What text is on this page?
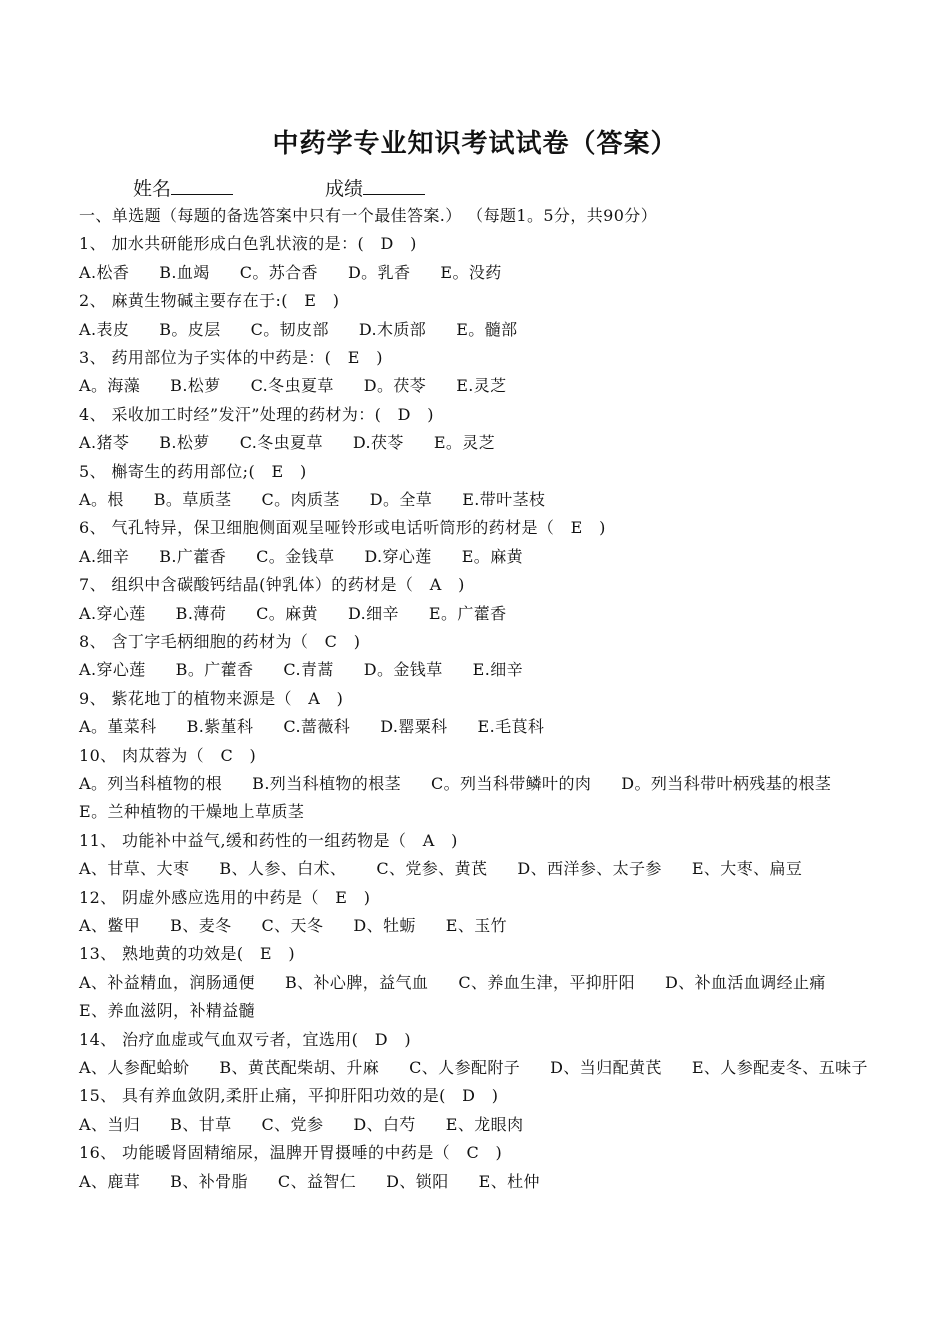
中药学专业知识考试试卷（答案）
姓名	成绩
一、单选题（每题的备选答案中只有一个最佳答案.） （每题1。5分，共90分）
1、 加水共研能形成白色乳状液的是：(　D　)
A.松香 B.血竭 C。苏合香 D。乳香 E。没药
2、 麻黄生物碱主要存在于:(　E　)
A.表皮 B。皮层 C。韧皮部 D.木质部 E。髓部
3、 药用部位为子实体的中药是：(　E　)
A。海藻 B.松萝 C.冬虫夏草 D。茯苓 E.灵芝
4、 采收加工时经”发汗”处理的药材为：(　D　)
A.猪苓 B.松萝 C.冬虫夏草 D.茯苓 E。灵芝
5、 槲寄生的药用部位;(　E　)
A。根 B。草质茎 C。肉质茎 D。全草 E.带叶茎枝
6、 气孔特异，保卫细胞侧面观呈哑铃形或电话听筒形的药材是（　E　)
A.细辛 B.广藿香 C。金钱草 D.穿心莲 E。麻黄
7、 组织中含碳酸钙结晶(钟乳体）的药材是（　A　)
A.穿心莲 B.薄荷 C。麻黄 D.细辛 E。广藿香
8、 含丁字毛柄细胞的药材为（　C　)
A.穿心莲 B。广藿香 C.青蒿 D。金钱草 E.细辛
9、 紫花地丁的植物来源是（　A　)
A。堇菜科 B.紫堇科 C.蔷薇科 D.罂粟科 E.毛茛科
10、 肉苁蓉为（　C　)
A。列当科植物的根 B.列当科植物的根茎 C。列当科带鳞叶的肉 D。列当科带叶柄残基的根茎E。兰种植物的干燥地上草质茎
11、 功能补中益气,缓和药性的一组药物是（　A　)
A、甘草、大枣 B、人参、白术、 C、党参、黄芪 D、西洋参、太子参 E、大枣、扁豆
12、 阴虚外感应选用的中药是（　E　)
A、鳖甲 B、麦冬 C、天冬 D、牡蛎 E、玉竹
13、 熟地黄的功效是(　E　)
A、补益精血，润肠通便 B、补心脾，益气血 C、养血生津，平抑肝阳 D、补血活血调经止痛E、养血滋阴，补精益髓
14、 治疗血虚或气血双亏者，宜选用(　D　)
A、人参配蛤蚧 B、黄芪配柴胡、升麻 C、人参配附子 D、当归配黄芪 E、人参配麦冬、五味子
15、 具有养血敛阴,柔肝止痛，平抑肝阳功效的是(　D　)
A、当归 B、甘草 C、党参 D、白芍 E、龙眼肉
16、 功能暖肾固精缩尿，温脾开胃摄唾的中药是（　C　)
A、鹿茸 B、补骨脂 C、益智仁 D、锁阳 E、杜仲
